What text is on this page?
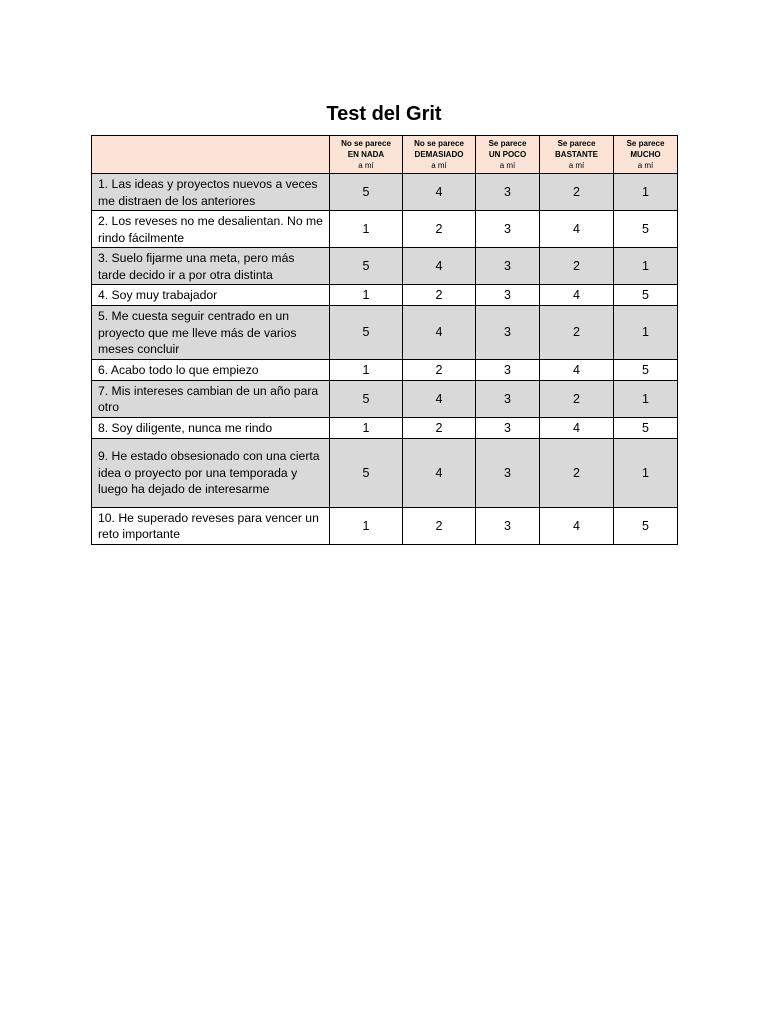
Test del Grit

	No se parece
EN NADA
a mí	No se parece
DEMASIADO
a mí	Se parece
UN POCO
a mí	Se parece
BASTANTE
a mí	Se parece
MUCHO
a mí

1. Las ideas y proyectos nuevos a veces me distraen de los anteriores	5	4	3	2	1
2. Los reveses no me desalientan. No me rindo fácilmente	1	2	3	4	5
3. Suelo fijarme una meta, pero más tarde decido ir a por otra distinta	5	4	3	2	1
4. Soy muy trabajador	1	2	3	4	5
5. Me cuesta seguir centrado en un proyecto que me lleve más de varios meses concluir	5	4	3	2	1
6. Acabo todo lo que empiezo	1	2	3	4	5
7. Mis intereses cambian de un año para otro	5	4	3	2	1
8. Soy diligente, nunca me rindo	1	2	3	4	5
9. He estado obsesionado con una cierta idea o proyecto por una temporada y luego ha dejado de interesarme	5	4	3	2	1
10. He superado reveses para vencer un reto importante	1	2	3	4	5
